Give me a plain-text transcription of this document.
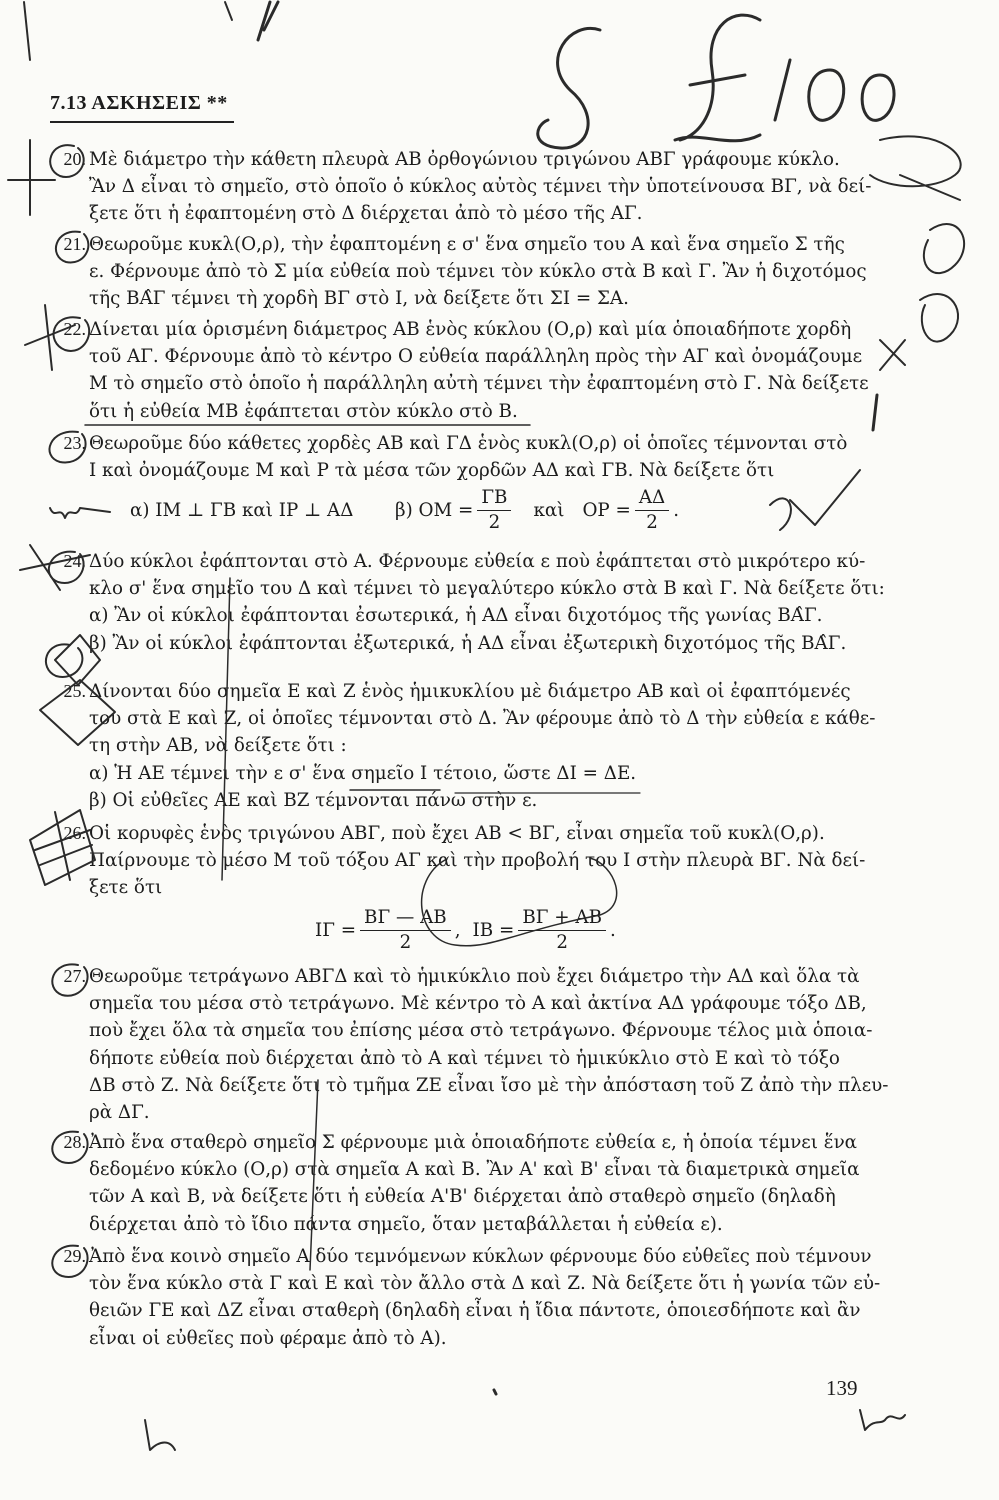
7.13 ΑΣΚΗΣΕΙΣ **
20. Μὲ διάμετρο τὴν κάθετη πλευρὰ ΑΒ ὀρθογώνιου τριγώνου ΑΒΓ γράφουμε κύκλο.
Ἂν Δ εἶναι τὸ σημεῖο, στὸ ὁποῖο ὁ κύκλος αὐτὸς τέμνει τὴν ὑποτείνουσα ΒΓ, νὰ δεί-
ξετε ὅτι ἡ ἐφαπτομένη στὸ Δ διέρχεται ἀπὸ τὸ μέσο τῆς ΑΓ.
21. Θεωροῦμε κυκλ(Ο,ρ), τὴν ἐφαπτομένη ε σ' ἕνα σημεῖο του Α καὶ ἕνα σημεῖο Σ τῆς
ε. Φέρνουμε ἀπὸ τὸ Σ μία εὐθεία ποὺ τέμνει τὸν κύκλο στὰ Β καὶ Γ. Ἂν ἡ διχοτόμος
τῆς ΒΑ̂Γ τέμνει τὴ χορδὴ ΒΓ στὸ Ι, νὰ δείξετε ὅτι ΣΙ = ΣΑ.
22. Δίνεται μία ὁρισμένη διάμετρος ΑΒ ἑνὸς κύκλου (Ο,ρ) καὶ μία ὁποιαδήποτε χορδὴ
τοῦ ΑΓ. Φέρνουμε ἀπὸ τὸ κέντρο Ο εὐθεία παράλληλη πρὸς τὴν ΑΓ καὶ ὀνομάζουμε
Μ τὸ σημεῖο στὸ ὁποῖο ἡ παράλληλη αὐτὴ τέμνει τὴν ἐφαπτομένη στὸ Γ. Νὰ δείξετε
ὅτι ἡ εὐθεία ΜΒ ἐφάπτεται στὸν κύκλο στὸ Β.
23. Θεωροῦμε δύο κάθετες χορδὲς ΑΒ καὶ ΓΔ ἑνὸς κυκλ(Ο,ρ) οἱ ὁποῖες τέμνονται στὸ
Ι καὶ ὀνομάζουμε Μ καὶ Ρ τὰ μέσα τῶν χορδῶν ΑΔ καὶ ΓΒ. Νὰ δείξετε ὅτι
α) ΙΜ ⊥ ΓΒ καὶ ΙΡ ⊥ ΑΔ β) $OM = \frac{\Gamma B}{2}$ καὶ $OP = \frac{A\Delta}{2}$ .
24. Δύο κύκλοι ἐφάπτονται στὸ Α. Φέρνουμε εὐθεία ε ποὺ ἐφάπτεται στὸ μικρότερο κύ-
κλο σ' ἕνα σημεῖο του Δ καὶ τέμνει τὸ μεγαλύτερο κύκλο στὰ Β καὶ Γ. Νὰ δείξετε ὅτι:
α) Ἂν οἱ κύκλοι ἐφάπτονται ἐσωτερικά, ἡ ΑΔ εἶναι διχοτόμος τῆς γωνίας ΒΑ̂Γ.
β) Ἂν οἱ κύκλοι ἐφάπτονται ἐξωτερικά, ἡ ΑΔ εἶναι ἐξωτερικὴ διχοτόμος τῆς ΒΑ̂Γ.
25. Δίνονται δύο σημεῖα Ε καὶ Ζ ἑνὸς ἡμικυκλίου μὲ διάμετρο ΑΒ καὶ οἱ ἐφαπτόμενές
του στὰ Ε καὶ Ζ, οἱ ὁποῖες τέμνονται στὸ Δ. Ἂν φέρουμε ἀπὸ τὸ Δ τὴν εὐθεία ε κάθε-
τη στὴν ΑΒ, νὰ δείξετε ὅτι :
α) Ἡ ΑΕ τέμνει τὴν ε σ' ἕνα σημεῖο Ι τέτοιο, ὥστε ΔΙ = ΔΕ.
β) Οἱ εὐθεῖες ΑΕ καὶ ΒΖ τέμνονται πάνω στὴν ε.
26. Οἱ κορυφὲς ἑνὸς τριγώνου ΑΒΓ, ποὺ ἔχει ΑΒ < ΒΓ, εἶναι σημεῖα τοῦ κυκλ(Ο,ρ).
Παίρνουμε τὸ μέσο Μ τοῦ τόξου ΑΓ καὶ τὴν προβολή του Ι στὴν πλευρὰ ΒΓ. Νὰ δεί-
ξετε ὅτι
$I\Gamma = \frac{B\Gamma — AB}{2}$ , $IB = \frac{B\Gamma + AB}{2}$ .
27. Θεωροῦμε τετράγωνο ΑΒΓΔ καὶ τὸ ἡμικύκλιο ποὺ ἔχει διάμετρο τὴν ΑΔ καὶ ὅλα τὰ
σημεῖα του μέσα στὸ τετράγωνο. Μὲ κέντρο τὸ Α καὶ ἀκτίνα ΑΔ γράφουμε τόξο ΔΒ,
ποὺ ἔχει ὅλα τὰ σημεῖα του ἐπίσης μέσα στὸ τετράγωνο. Φέρνουμε τέλος μιὰ ὁποια-
δήποτε εὐθεία ποὺ διέρχεται ἀπὸ τὸ Α καὶ τέμνει τὸ ἡμικύκλιο στὸ Ε καὶ τὸ τόξο
ΔΒ στὸ Ζ. Νὰ δείξετε ὅτι τὸ τμῆμα ΖΕ εἶναι ἴσο μὲ τὴν ἀπόσταση τοῦ Ζ ἀπὸ τὴν πλευ-
ρὰ ΔΓ.
28. Ἀπὸ ἕνα σταθερὸ σημεῖο Σ φέρνουμε μιὰ ὁποιαδήποτε εὐθεία ε, ἡ ὁποία τέμνει ἕνα
δεδομένο κύκλο (Ο,ρ) στὰ σημεῖα Α καὶ Β. Ἂν Α' καὶ Β' εἶναι τὰ διαμετρικὰ σημεῖα
τῶν Α καὶ Β, νὰ δείξετε ὅτι ἡ εὐθεία Α'Β' διέρχεται ἀπὸ σταθερὸ σημεῖο (δηλαδὴ
διέρχεται ἀπὸ τὸ ἴδιο πάντα σημεῖο, ὅταν μεταβάλλεται ἡ εὐθεία ε).
29. Ἀπὸ ἕνα κοινὸ σημεῖο Α δύο τεμνόμενων κύκλων φέρνουμε δύο εὐθεῖες ποὺ τέμνουν
τὸν ἕνα κύκλο στὰ Γ καὶ Ε καὶ τὸν ἄλλο στὰ Δ καὶ Ζ. Νὰ δείξετε ὅτι ἡ γωνία τῶν εὐ-
θειῶν ΓΕ καὶ ΔΖ εἶναι σταθερὴ (δηλαδὴ εἶναι ἡ ἴδια πάντοτε, ὁποιεσδήποτε καὶ ἂν
εἶναι οἱ εὐθεῖες ποὺ φέραμε ἀπὸ τὸ Α).
139
